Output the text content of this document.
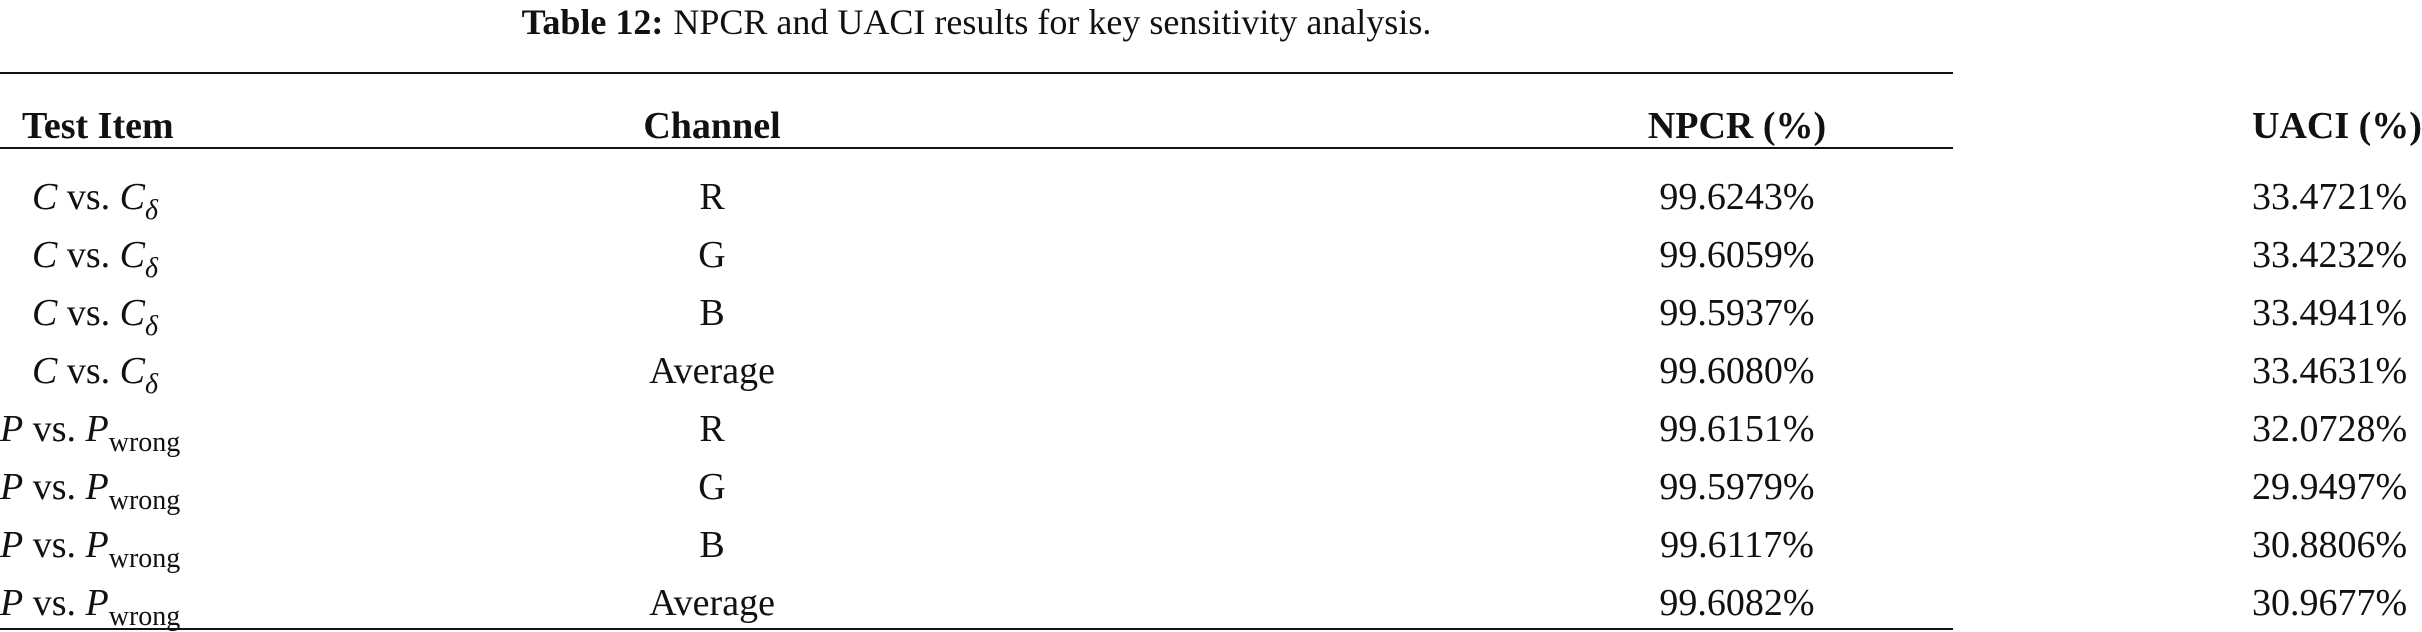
Table 12: NPCR and UACI results for key sensitivity analysis.
Test Item	Channel	NPCR (%)	UACI (%)
C vs. $C_\delta$	R	99.6243%	33.4721%
C vs. $C_\delta$	G	99.6059%	33.4232%
C vs. $C_\delta$	B	99.5937%	33.4941%
C vs. $C_\delta$	Average	99.6080%	33.4631%
P vs. $P_{wrong}$	R	99.6151%	32.0728%
P vs. $P_{wrong}$	G	99.5979%	29.9497%
P vs. $P_{wrong}$	B	99.6117%	30.8806%
P vs. $P_{wrong}$	Average	99.6082%	30.9677%
